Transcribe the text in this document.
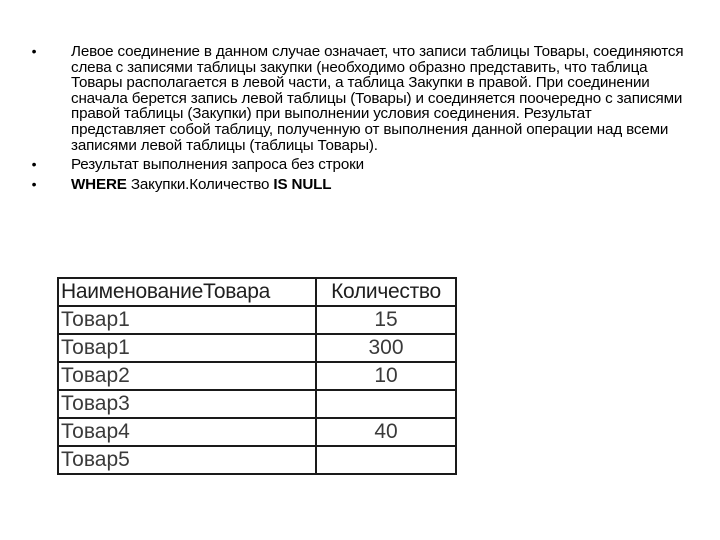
• Левое соединение в данном случае означает, что записи таблицы Товары, соединяются слева с записями таблицы закупки (необходимо образно представить, что таблица Товары располагается в левой части, а таблица Закупки в правой. При соединении сначала берется запись левой таблицы (Товары) и соединяется поочередно с записями правой таблицы (Закупки) при выполнении условия соединения. Результат представляет собой таблицу, полученную от выполнения данной операции над всеми записями левой таблицы (таблицы Товары).
• Результат выполнения запроса без строки
• WHERE Закупки.Количество IS NULL
НаименованиеТовара	Количество
Товар1	15
Товар1	300
Товар2	10
Товар3	
Товар4	40
Товар5	
